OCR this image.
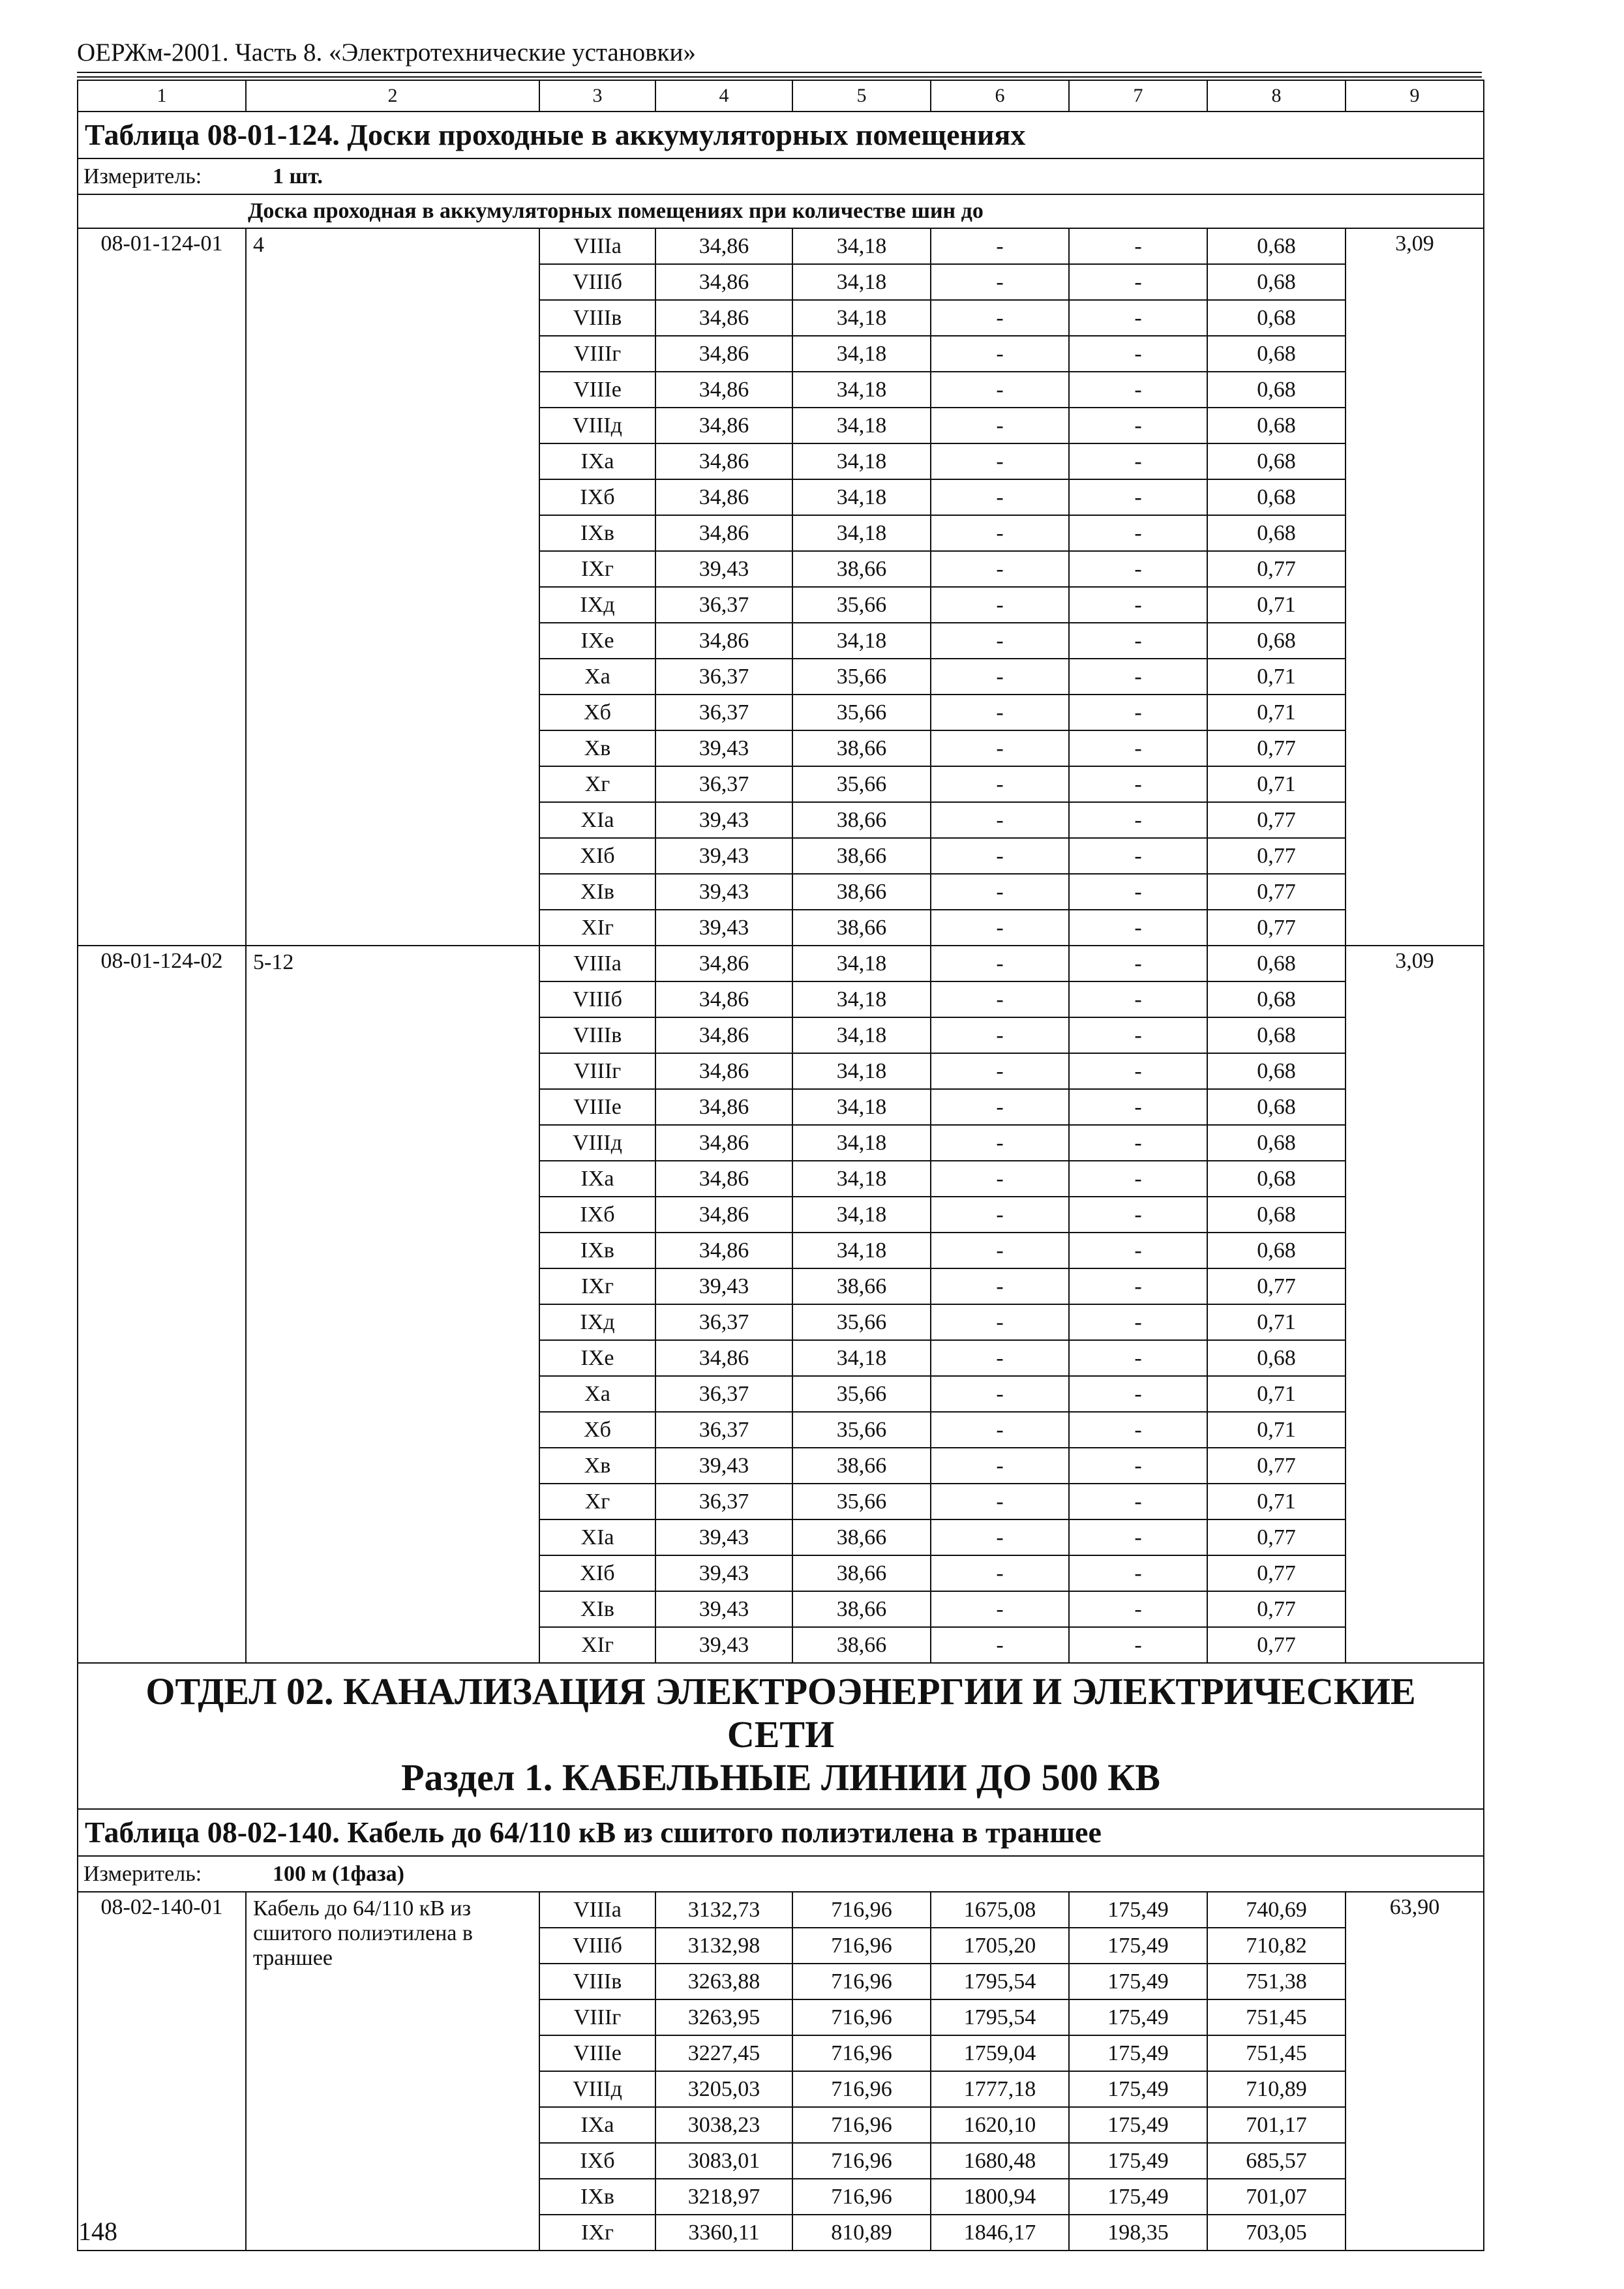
ОЕРЖм-2001. Часть 8. «Электротехнические установки»
1	2	3	4	5	6	7	8	9
Таблица 08-01-124. Доски проходные в аккумуляторных помещениях								
Измеритель: 1 шт.								
Доска проходная в аккумуляторных помещениях при количестве шин до								
08-01-124-01	4	VIIIа	34,86	34,18	-	-	0,68	3,09
		VIIIб	34,86	34,18	-	-	0,68	
		VIIIв	34,86	34,18	-	-	0,68	
		VIIIг	34,86	34,18	-	-	0,68	
		VIIIе	34,86	34,18	-	-	0,68	
		VIIIд	34,86	34,18	-	-	0,68	
		IXа	34,86	34,18	-	-	0,68	
		IXб	34,86	34,18	-	-	0,68	
		IXв	34,86	34,18	-	-	0,68	
		IXг	39,43	38,66	-	-	0,77	
		IXд	36,37	35,66	-	-	0,71	
		IXе	34,86	34,18	-	-	0,68	
		Xа	36,37	35,66	-	-	0,71	
		Xб	36,37	35,66	-	-	0,71	
		Xв	39,43	38,66	-	-	0,77	
		Xг	36,37	35,66	-	-	0,71	
		XIа	39,43	38,66	-	-	0,77	
		XIб	39,43	38,66	-	-	0,77	
		XIв	39,43	38,66	-	-	0,77	
		XIг	39,43	38,66	-	-	0,77	
08-01-124-02	5-12	VIIIа	34,86	34,18	-	-	0,68	3,09
		VIIIб	34,86	34,18	-	-	0,68	
		VIIIв	34,86	34,18	-	-	0,68	
		VIIIг	34,86	34,18	-	-	0,68	
		VIIIе	34,86	34,18	-	-	0,68	
		VIIIд	34,86	34,18	-	-	0,68	
		IXа	34,86	34,18	-	-	0,68	
		IXб	34,86	34,18	-	-	0,68	
		IXв	34,86	34,18	-	-	0,68	
		IXг	39,43	38,66	-	-	0,77	
		IXд	36,37	35,66	-	-	0,71	
		IXе	34,86	34,18	-	-	0,68	
		Xа	36,37	35,66	-	-	0,71	
		Xб	36,37	35,66	-	-	0,71	
		Xв	39,43	38,66	-	-	0,77	
		Xг	36,37	35,66	-	-	0,71	
		XIа	39,43	38,66	-	-	0,77	
		XIб	39,43	38,66	-	-	0,77	
		XIв	39,43	38,66	-	-	0,77	
		XIг	39,43	38,66	-	-	0,77	

ОТДЕЛ 02. КАНАЛИЗАЦИЯ ЭЛЕКТРОЭНЕРГИИ И ЭЛЕКТРИЧЕСКИЕ СЕТИ
Раздел 1. КАБЕЛЬНЫЕ ЛИНИИ ДО 500 КВ								

Таблица 08-02-140. Кабель до 64/110 кВ из сшитого полиэтилена в траншее								
Измеритель: 100 м (1фаза)								
08-02-140-01	Кабель до 64/110 кВ из сшитого полиэтилена в траншее	VIIIа	3132,73	716,96	1675,08	175,49	740,69	63,90
		VIIIб	3132,98	716,96	1705,20	175,49	710,82	
		VIIIв	3263,88	716,96	1795,54	175,49	751,38	
		VIIIг	3263,95	716,96	1795,54	175,49	751,45	
		VIIIе	3227,45	716,96	1759,04	175,49	751,45	
		VIIIд	3205,03	716,96	1777,18	175,49	710,89	
		IXа	3038,23	716,96	1620,10	175,49	701,17	
		IXб	3083,01	716,96	1680,48	175,49	685,57	
		IXв	3218,97	716,96	1800,94	175,49	701,07	
		IXг	3360,11	810,89	1846,17	198,35	703,05	
148
